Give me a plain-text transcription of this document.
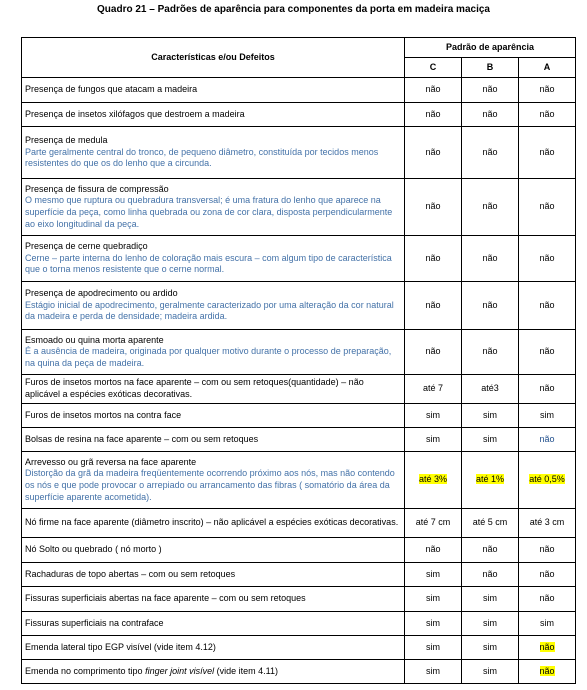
Quadro 21 – Padrões de aparência para componentes da porta em madeira maciça
Características e/ou Defeitos	Padrão de aparência		
	C	B	A
Presença de fungos que atacam a madeira	não	não	não
Presença de insetos xilófagos que destroem a madeira	não	não	não

Presença de medula
Parte geralmente central do tronco, de pequeno diâmetro, constituída por tecidos menos resistentes do que os do lenho que a circunda.	não	não	não

Presença de fissura de compressão
O mesmo que ruptura ou quebradura transversal; é uma fratura do lenho que aparece na superfície da peça, como linha quebrada ou zona de cor clara, disposta perpendicularmente ao eixo longitudinal da peça.	não	não	não

Presença de cerne quebradiço
Cerne – parte interna do lenho de coloração mais escura – com algum tipo de característica que o torna menos resistente que o cerne normal.	não	não	não

Presença de apodrecimento ou ardido
Estágio inicial de apodrecimento, geralmente caracterizado por uma alteração da cor natural da madeira e perda de densidade; madeira ardida.	não	não	não

Esmoado ou quina morta aparente
É a ausência de madeira, originada por qualquer motivo durante o processo de preparação, na quina da peça de madeira.	não	não	não
Furos de insetos mortos na face aparente – com ou sem retoques(quantidade) – não aplicável a espécies exóticas decorativas.	até 7	até3	não
Furos de insetos mortos na contra face	sim	sim	sim
Bolsas de resina na face aparente – com ou sem retoques	sim	sim	não

Arrevesso ou grã reversa na face aparente
Distorção da grã da madeira freqüentemente ocorrendo próximo aos nós, mas não contendo os nós e que pode provocar o arrepiado ou arrancamento das fibras ( somatório da área da superfície aparente acometida).	até 3%	até 1%	até 0,5%
Nó firme na face aparente (diâmetro inscrito) – não aplicável a espécies exóticas decorativas.	até 7 cm	até 5 cm	até 3 cm
Nó Solto ou quebrado ( nó morto )	não	não	não
Rachaduras de topo abertas – com ou sem retoques	sim	não	não
Fissuras superficiais abertas na face aparente – com ou sem retoques	sim	sim	não
Fissuras superficiais na contraface	sim	sim	sim
Emenda lateral tipo EGP visível (vide item 4.12)	sim	sim	não
Emenda no comprimento tipo finger joint visível (vide item 4.11)	sim	sim	não
